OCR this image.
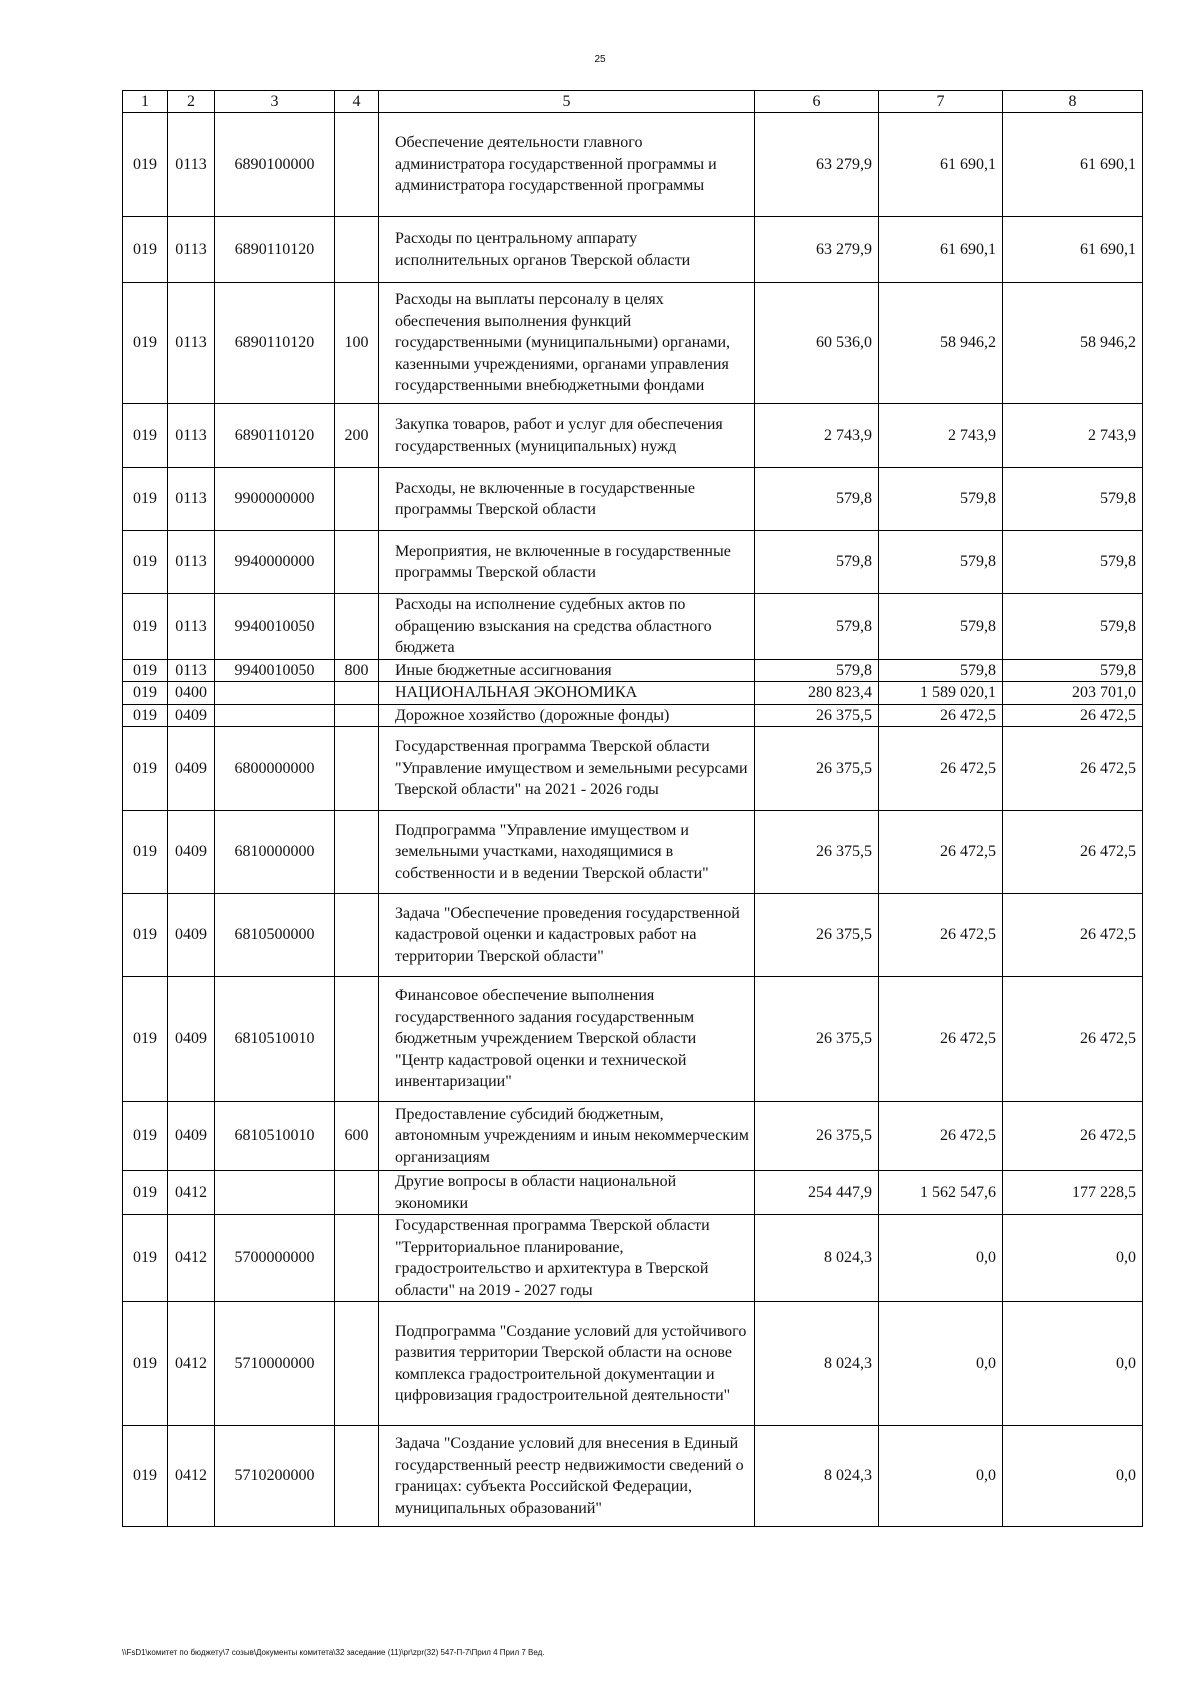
25
1	2	3	4	5	6	7	8
019	0113	6890100000		Обеспечение деятельности главного администратора государственной программы и администратора государственной программы	63 279,9	61 690,1	61 690,1
019	0113	6890110120		Расходы по центральному аппарату исполнительных органов Тверской области	63 279,9	61 690,1	61 690,1
019	0113	6890110120	100	Расходы на выплаты персоналу в целях обеспечения выполнения функций государственными (муниципальными) органами, казенными учреждениями, органами управления государственными внебюджетными фондами	60 536,0	58 946,2	58 946,2
019	0113	6890110120	200	Закупка товаров, работ и услуг для обеспечения государственных (муниципальных) нужд	2 743,9	2 743,9	2 743,9
019	0113	9900000000		Расходы, не включенные в государственные программы Тверской области	579,8	579,8	579,8
019	0113	9940000000		Мероприятия, не включенные в государственные программы Тверской области	579,8	579,8	579,8
019	0113	9940010050		Расходы на исполнение судебных актов по обращению взыскания на средства областного бюджета	579,8	579,8	579,8
019	0113	9940010050	800	Иные бюджетные ассигнования	579,8	579,8	579,8
019	0400			НАЦИОНАЛЬНАЯ ЭКОНОМИКА	280 823,4	1 589 020,1	203 701,0
019	0409			Дорожное хозяйство (дорожные фонды)	26 375,5	26 472,5	26 472,5
019	0409	6800000000		Государственная программа Тверской области "Управление имуществом и земельными ресурсами Тверской области" на 2021 - 2026 годы	26 375,5	26 472,5	26 472,5
019	0409	6810000000		Подпрограмма "Управление имуществом и земельными участками, находящимися в собственности и в ведении Тверской области"	26 375,5	26 472,5	26 472,5
019	0409	6810500000		Задача "Обеспечение проведения государственной кадастровой оценки и кадастровых работ на территории Тверской области"	26 375,5	26 472,5	26 472,5
019	0409	6810510010		Финансовое обеспечение выполнения государственного задания государственным бюджетным учреждением Тверской области "Центр кадастровой оценки и технической инвентаризации"	26 375,5	26 472,5	26 472,5
019	0409	6810510010	600	Предоставление субсидий бюджетным, автономным учреждениям и иным некоммерческим организациям	26 375,5	26 472,5	26 472,5
019	0412			Другие вопросы в области национальной экономики	254 447,9	1 562 547,6	177 228,5
019	0412	5700000000		Государственная программа Тверской области "Территориальное планирование, градостроительство и архитектура в Тверской области" на 2019 - 2027 годы	8 024,3	0,0	0,0
019	0412	5710000000		Подпрограмма "Создание условий для устойчивого развития территории Тверской области на основе комплекса градостроительной документации и цифровизация градостроительной деятельности"	8 024,3	0,0	0,0
019	0412	5710200000		Задача "Создание условий для внесения в Единый государственный реестр недвижимости сведений о границах: субъекта Российской Федерации, муниципальных образований"	8 024,3	0,0	0,0
\\FsD1\комитет по бюджету\7 созыв\Документы комитета\32 заседание (11)\pr\zpr(32) 547-П-7\Прил 4 Прил 7 Вед.
